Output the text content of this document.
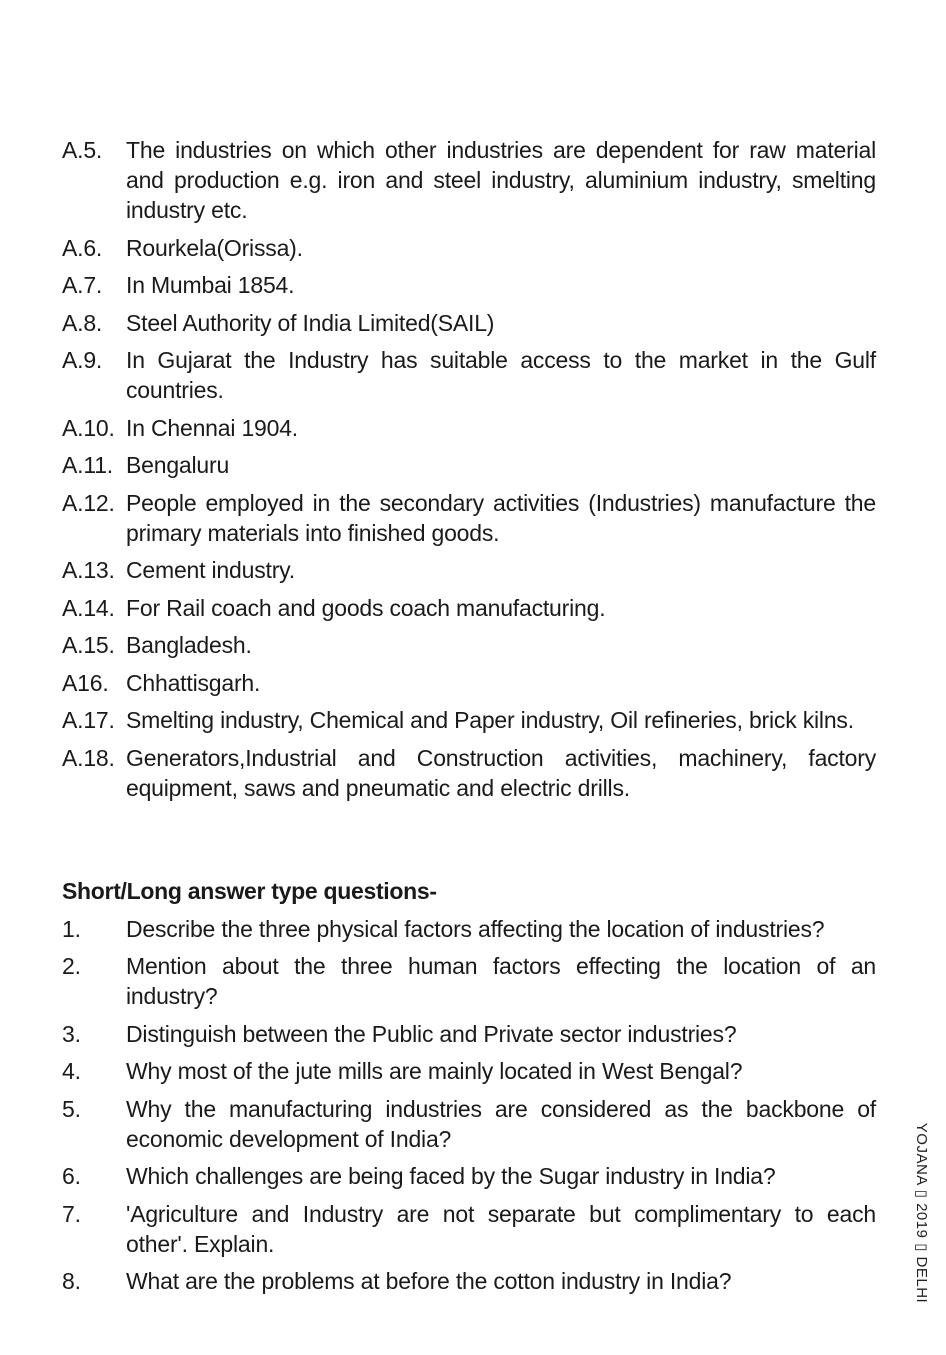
A.5.	The industries on which other industries are dependent for raw material and production e.g. iron and steel industry, aluminium industry, smelting industry etc.
A.6.	Rourkela(Orissa).
A.7.	In Mumbai 1854.
A.8.	Steel Authority of India Limited(SAIL)
A.9.	In Gujarat the Industry has suitable access to the market in the Gulf countries.
A.10. In Chennai 1904.
A.11. Bengaluru
A.12. People employed in the secondary activities (Industries) manufacture the primary materials into finished goods.
A.13. Cement industry.
A.14. For Rail coach and goods coach manufacturing.
A.15. Bangladesh.
A16. Chhattisgarh.
A.17. Smelting industry, Chemical and Paper industry, Oil refineries, brick kilns.
A.18. Generators,Industrial and Construction activities, machinery, factory equipment, saws and pneumatic and electric drills.
Short/Long answer type questions-
1.	Describe the three physical factors affecting the location of industries?
2.	Mention about the three human factors effecting the location of an industry?
3.	Distinguish between the Public and Private sector industries?
4.	Why most of the jute mills are mainly located in West Bengal?
5.	Why the manufacturing industries are considered as the backbone of economic development of India?
6.	Which challenges are being faced by the Sugar industry in India?
7.	'Agriculture and Industry are not separate but complimentary to each other'. Explain.
8.	What are the problems at before the cotton industry in India?	YOJANA ▯ 2019 ▯ DELHI
